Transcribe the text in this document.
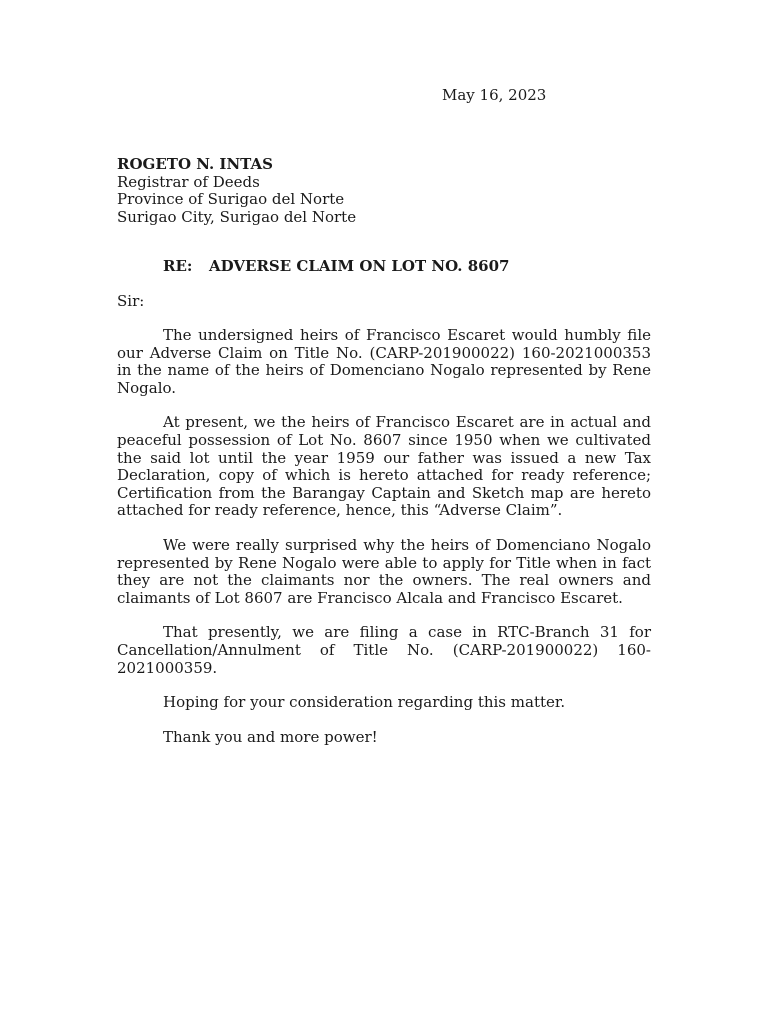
May 16, 2023
ROGETO N. INTAS
Registrar of Deeds
Province of Surigao del Norte
Surigao City, Surigao del Norte
RE: ADVERSE CLAIM ON LOT NO. 8607
Sir:

The undersigned heirs of Francisco Escaret would humbly file our Adverse Claim on Title No. (CARP-201900022) 160-2021000353 in the name of the heirs of Domenciano Nogalo represented by Rene Nogalo.

At present, we the heirs of Francisco Escaret are in actual and peaceful possession of Lot No. 8607 since 1950 when we cultivated the said lot until the year 1959 our father was issued a new Tax Declaration, copy of which is hereto attached for ready reference; Certification from the Barangay Captain and Sketch map are hereto attached for ready reference, hence, this “Adverse Claim”.

We were really surprised why the heirs of Domenciano Nogalo represented by Rene Nogalo were able to apply for Title when in fact they are not the claimants nor the owners. The real owners and claimants of Lot 8607 are Francisco Alcala and Francisco Escaret.

That presently, we are filing a case in RTC-Branch 31 for Cancellation/Annulment of Title No. (CARP-201900022) 160-2021000359.

Hoping for your consideration regarding this matter.

Thank you and more power!
